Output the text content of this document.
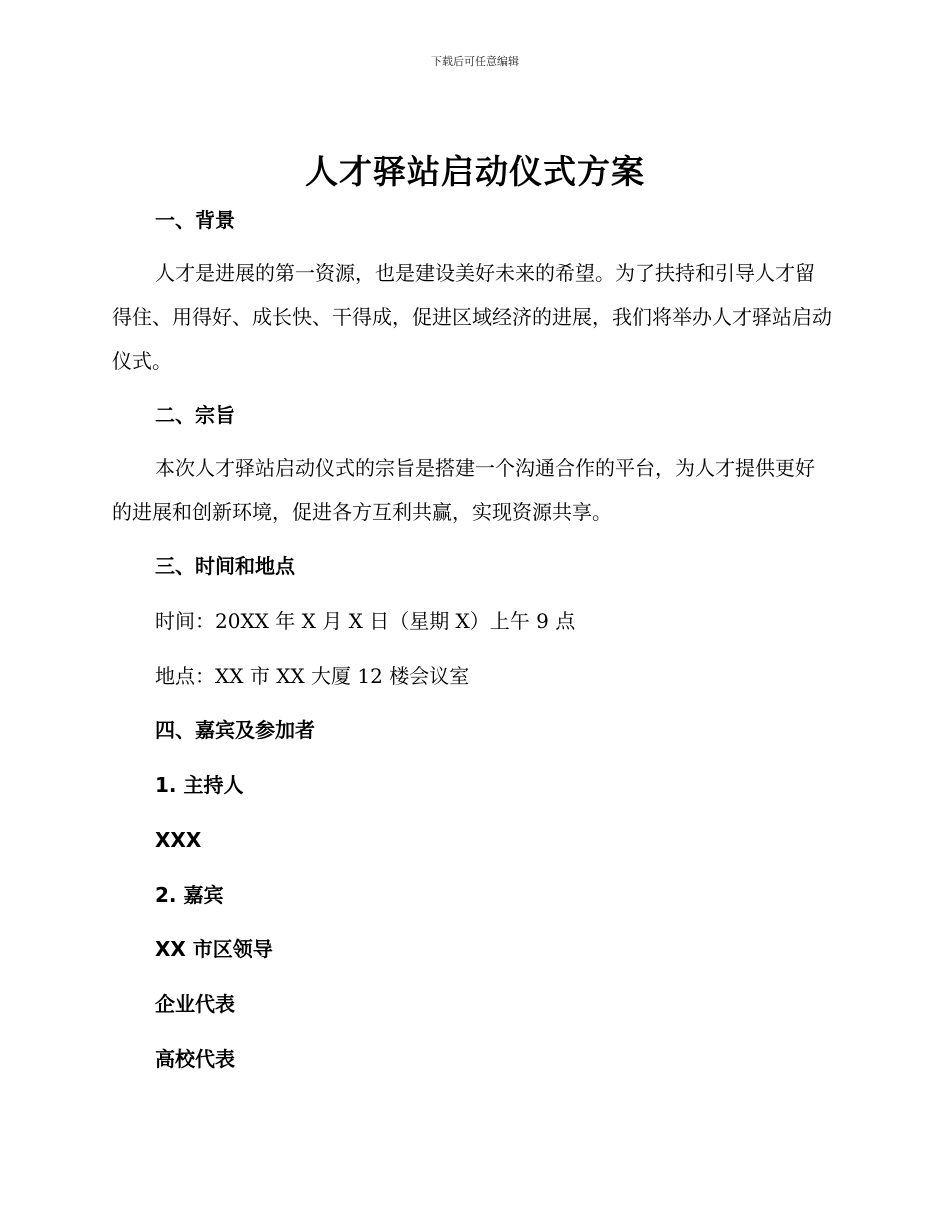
下载后可任意编辑
人才驿站启动仪式方案
一、背景
人才是进展的第一资源，也是建设美好未来的希望。为了扶持和引导人才留得住、用得好、成长快、干得成，促进区域经济的进展，我们将举办人才驿站启动仪式。
二、宗旨
本次人才驿站启动仪式的宗旨是搭建一个沟通合作的平台，为人才提供更好的进展和创新环境，促进各方互利共赢，实现资源共享。
三、时间和地点
时间：20XX 年 X 月 X 日（星期 X）上午 9 点
地点：XX 市 XX 大厦 12 楼会议室
四、嘉宾及参加者
1. 主持人
XXX
2. 嘉宾
XX 市区领导
企业代表
高校代表
